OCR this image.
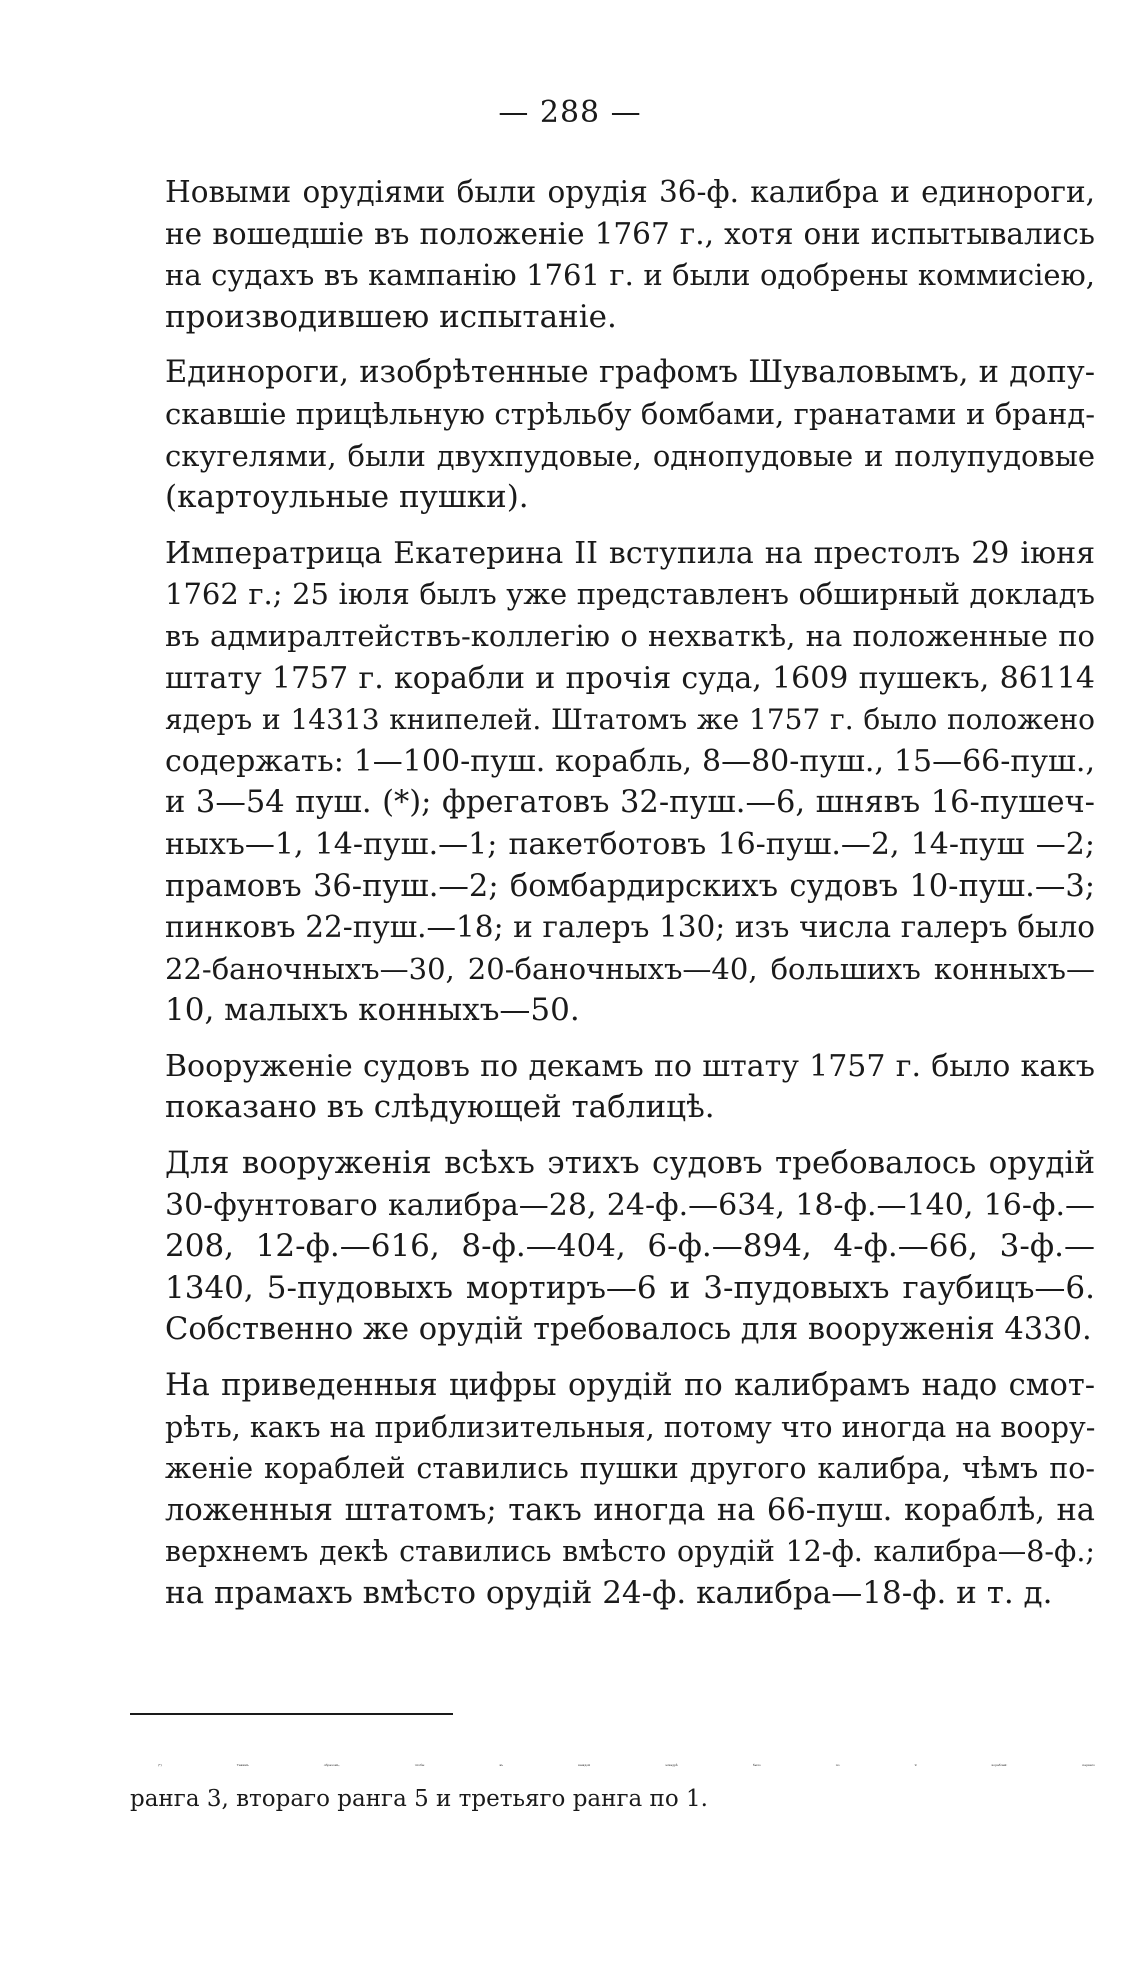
— 288 —
Новыми орудіями были орудія 36-ф. калибра и единороги,
не вошедшіе въ положеніе 1767 г., хотя они испытывались
на судахъ въ кампанію 1761 г. и были одобрены коммисіею,
производившею испытаніе.
Единороги, изобрѣтенные графомъ Шуваловымъ, и допу-
скавшіе прицѣльную стрѣльбу бомбами, гранатами и бранд-
скугелями, были двухпудовые, однопудовые и полупудовые
(картоульные пушки).
Императрица Екатерина II вступила на престолъ 29 іюня
1762 г.; 25 іюля былъ уже представленъ обширный докладъ
въ адмиралтействъ-коллегію о нехваткѣ, на положенные по
штату 1757 г. корабли и прочія суда, 1609 пушекъ, 86114
ядеръ и 14313 книпелей. Штатомъ же 1757 г. было положено
содержать: 1—100-пуш. корабль, 8—80-пуш., 15—66-пуш.,
и 3—54 пуш. (*); фрегатовъ 32-пуш.—6, шнявъ 16-пушеч-
ныхъ—1, 14-пуш.—1; пакетботовъ 16-пуш.—2, 14-пуш —2;
прамовъ 36-пуш.—2; бомбардирскихъ судовъ 10-пуш.—3;
пинковъ 22-пуш.—18; и галеръ 130; изъ числа галеръ было
22-баночныхъ—30, 20-баночныхъ—40, большихъ конныхъ—
10, малыхъ конныхъ—50.
Вооруженіе судовъ по декамъ по штату 1757 г. было какъ
показано въ слѣдующей таблицѣ.
Для вооруженія всѣхъ этихъ судовъ требовалось орудій
30-фунтоваго калибра—28, 24-ф.—634, 18-ф.—140, 16-ф.—
208, 12-ф.—616, 8-ф.—404, 6-ф.—894, 4-ф.—66, 3-ф.—
1340, 5-пудовыхъ мортиръ—6 и 3-пудовыхъ гаубицъ—6.
Собственно же орудій требовалось для вооруженія 4330.
На приведенныя цифры орудій по калибрамъ надо смот-
рѣть, какъ на приблизительныя, потому что иногда на воору-
женіе кораблей ставились пушки другого калибра, чѣмъ по-
ложенныя штатомъ; такъ иногда на 66-пуш. кораблѣ, на
верхнемъ декѣ ставились вмѣсто орудій 12-ф. калибра—8-ф.;
на прамахъ вмѣсто орудій 24-ф. калибра—18-ф. и т. д.
(*) Такимъ образомъ, чтобы въ каждой эскадрѣ было по 9 кораблей: перваго
ранга 3, втораго ранга 5 и третьяго ранга по 1.
